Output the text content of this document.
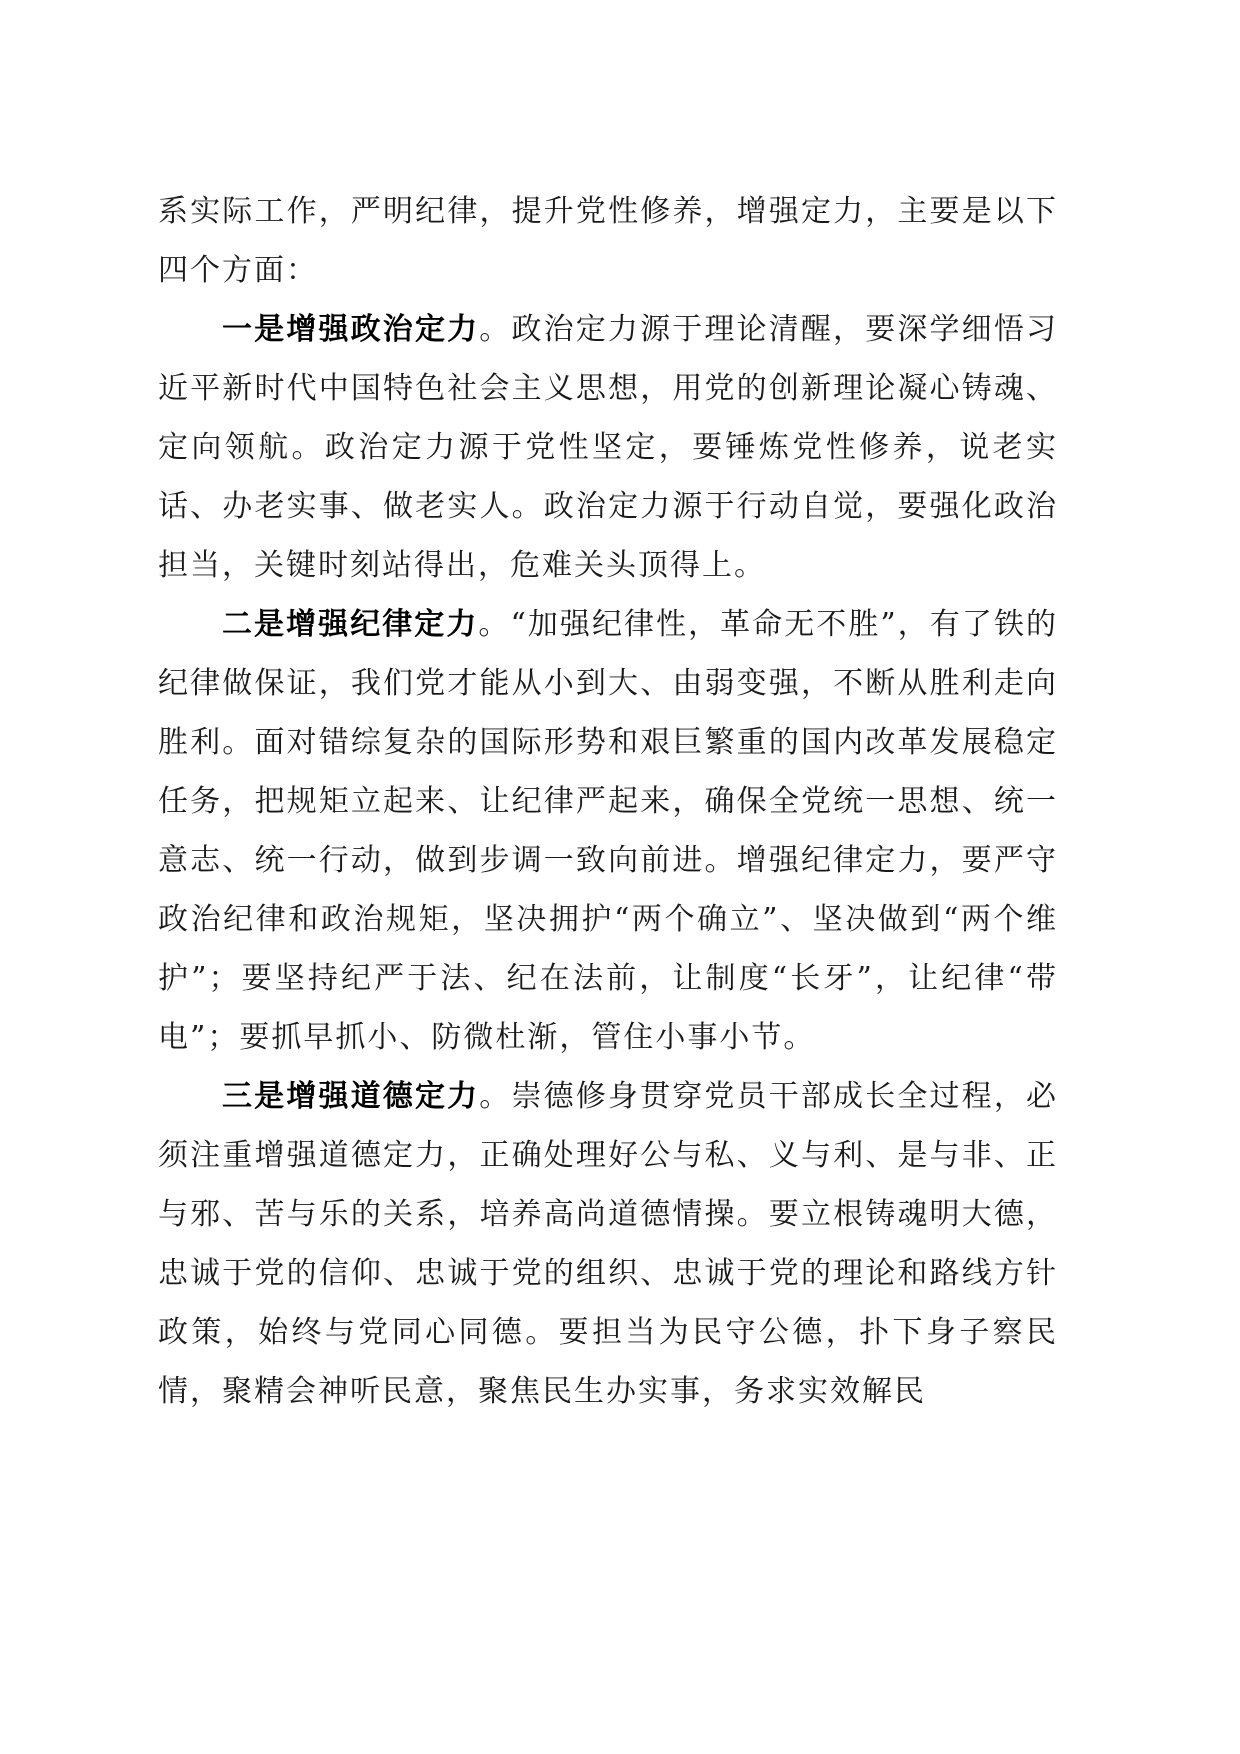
系实际工作，严明纪律，提升党性修养，增强定力，主要是以下四个方面：

一是增强政治定力。政治定力源于理论清醒，要深学细悟习近平新时代中国特色社会主义思想，用党的创新理论凝心铸魂、定向领航。政治定力源于党性坚定，要锤炼党性修养，说老实话、办老实事、做老实人。政治定力源于行动自觉，要强化政治担当，关键时刻站得出，危难关头顶得上。

二是增强纪律定力。“加强纪律性，革命无不胜”，有了铁的纪律做保证，我们党才能从小到大、由弱变强，不断从胜利走向胜利。面对错综复杂的国际形势和艰巨繁重的国内改革发展稳定任务，把规矩立起来、让纪律严起来，确保全党统一思想、统一意志、统一行动，做到步调一致向前进。增强纪律定力，要严守政治纪律和政治规矩，坚决拥护“两个确立”、坚决做到“两个维护”；要坚持纪严于法、纪在法前，让制度“长牙”，让纪律“带电”；要抓早抓小、防微杜渐，管住小事小节。

三是增强道德定力。崇德修身贯穿党员干部成长全过程，必须注重增强道德定力，正确处理好公与私、义与利、是与非、正与邪、苦与乐的关系，培养高尚道德情操。要立根铸魂明大德，忠诚于党的信仰、忠诚于党的组织、忠诚于党的理论和路线方针政策，始终与党同心同德。要担当为民守公德，扑下身子察民情，聚精会神听民意，聚焦民生办实事，务求实效解民
